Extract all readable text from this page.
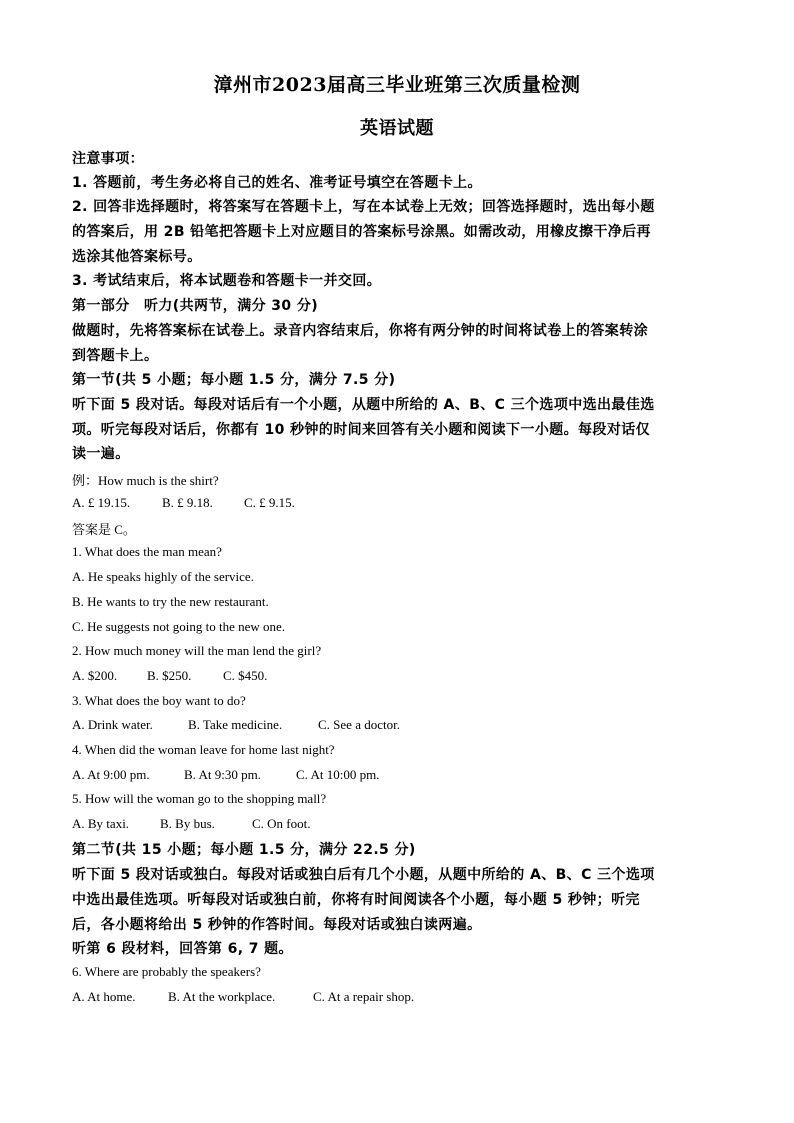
漳州市2023届高三毕业班第三次质量检测
英语试题
注意事项：
1. 答题前，考生务必将自己的姓名、准考证号填空在答题卡上。
2. 回答非选择题时，将答案写在答题卡上，写在本试卷上无效；回答选择题时，选出每小题
的答案后，用 2B 铅笔把答题卡上对应题目的答案标号涂黑。如需改动，用橡皮擦干净后再
选涂其他答案标号。
3. 考试结束后，将本试题卷和答题卡一并交回。
第一部分　听力(共两节，满分 30 分)
做题时，先将答案标在试卷上。录音内容结束后，你将有两分钟的时间将试卷上的答案转涂
到答题卡上。
第一节(共 5 小题；每小题 1.5 分，满分 7.5 分)
听下面 5 段对话。每段对话后有一个小题，从题中所给的 A、B、C 三个选项中选出最佳选
项。听完每段对话后，你都有 10 秒钟的时间来回答有关小题和阅读下一小题。每段对话仅
读一遍。
例：How much is the shirt?
A. £ 19.15. B. £ 9.18. C. £ 9.15.
答案是 C。
1. What does the man mean?
A. He speaks highly of the service.
B. He wants to try the new restaurant.
C. He suggests not going to the new one.
2. How much money will the man lend the girl?
A. $200. B. $250. C. $450.
3. What does the boy want to do?
A. Drink water.	B. Take medicine.	C. See a doctor.
4. When did the woman leave for home last night?
A. At 9:00 pm.	B. At 9:30 pm.	C. At 10:00 pm.
5. How will the woman go to the shopping mall?
A. By taxi. B. By bus.	C. On foot.
第二节(共 15 小题；每小题 1.5 分，满分 22.5 分)
听下面 5 段对话或独白。每段对话或独白后有几个小题，从题中所给的 A、B、C 三个选项
中选出最佳选项。听每段对话或独白前，你将有时间阅读各个小题，每小题 5 秒钟；听完
后，各小题将给出 5 秒钟的作答时间。每段对话或独白读两遍。
听第 6 段材料，回答第 6, 7 题。
6. Where are probably the speakers?
A. At home. B. At the workplace.	C. At a repair shop.
